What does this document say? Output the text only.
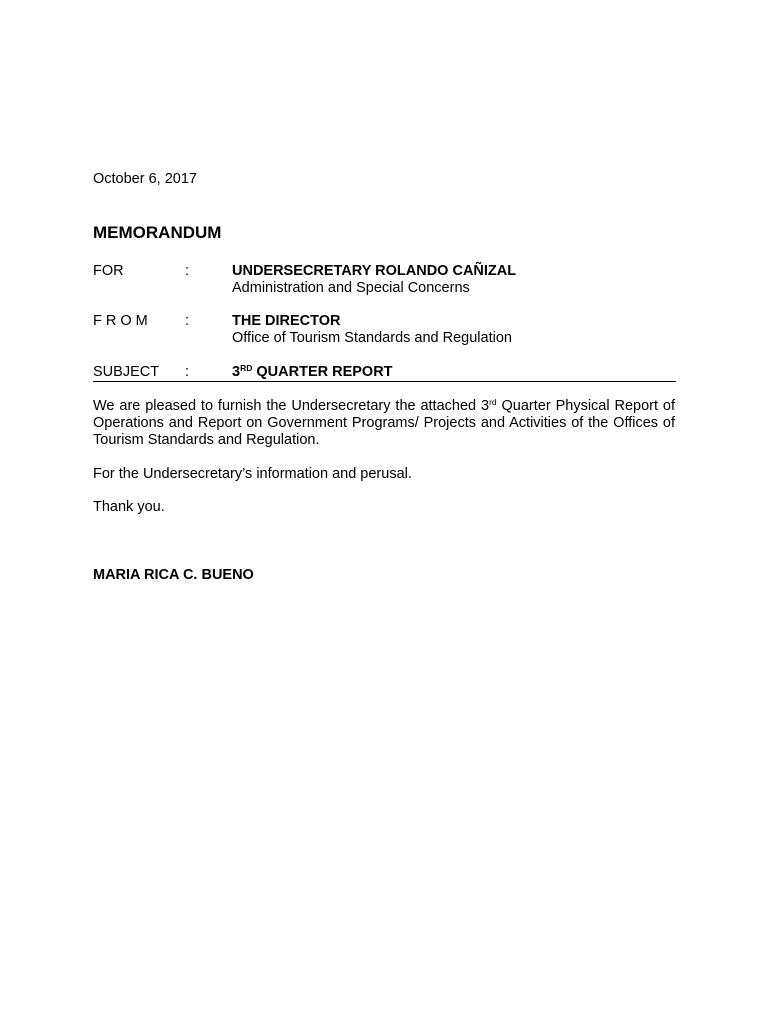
October 6, 2017
MEMORANDUM
FOR	:	UNDERSECRETARY ROLANDO CAÑIZAL
Administration and Special Concerns
FROM :	THE DIRECTOR
Office of Tourism Standards and Regulation
SUBJECT :	3RD QUARTER REPORT
We are pleased to furnish the Undersecretary the attached 3rd Quarter Physical Report of Operations and Report on Government Programs/ Projects and Activities of the Offices of Tourism Standards and Regulation.
For the Undersecretary’s information and perusal.
Thank you.
MARIA RICA C. BUENO
